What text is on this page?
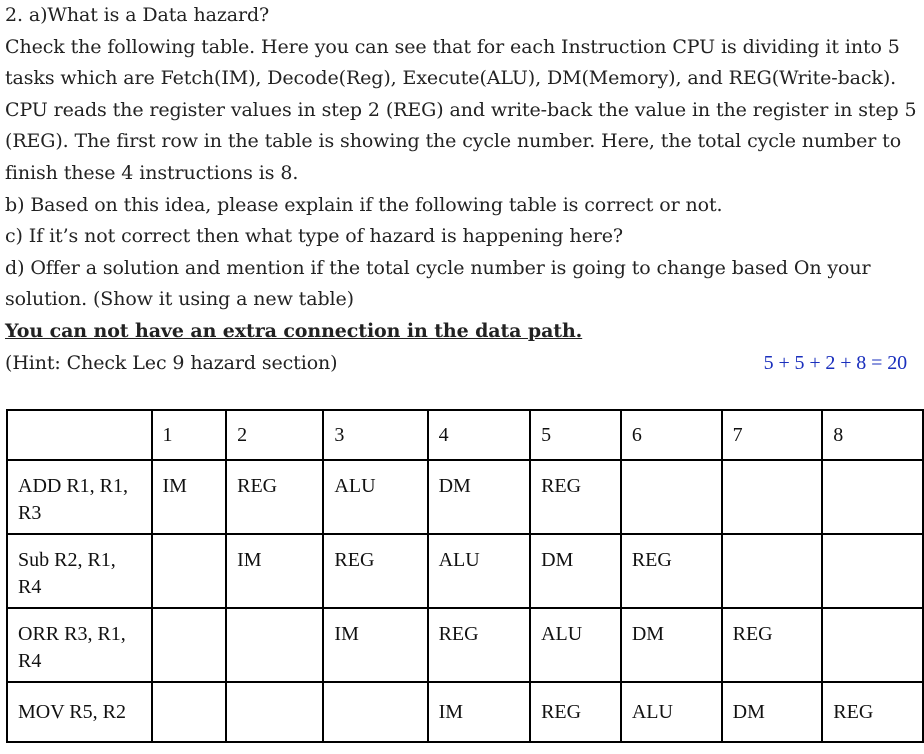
2. a)What is a Data hazard?
Check the following table. Here you can see that for each Instruction CPU is dividing it into 5 tasks which are Fetch(IM), Decode(Reg), Execute(ALU), DM(Memory), and REG(Write-back). CPU reads the register values in step 2 (REG) and write-back the value in the register in step 5 (REG). The first row in the table is showing the cycle number. Here, the total cycle number to finish these 4 instructions is 8.
b) Based on this idea, please explain if the following table is correct or not.
c) If it’s not correct then what type of hazard is happening here?
d) Offer a solution and mention if the total cycle number is going to change based On your solution. (Show it using a new table)
You can not have an extra connection in the data path.
(Hint: Check Lec 9 hazard section)	5 + 5 + 2 + 8 = 20
	1	2	3	4	5	6	7	8
ADD R1, R1, R3	IM	REG	ALU	DM	REG			
Sub R2, R1, R4		IM	REG	ALU	DM	REG		
ORR R3, R1, R4			IM	REG	ALU	DM	REG	
MOV R5, R2				IM	REG	ALU	DM	REG
